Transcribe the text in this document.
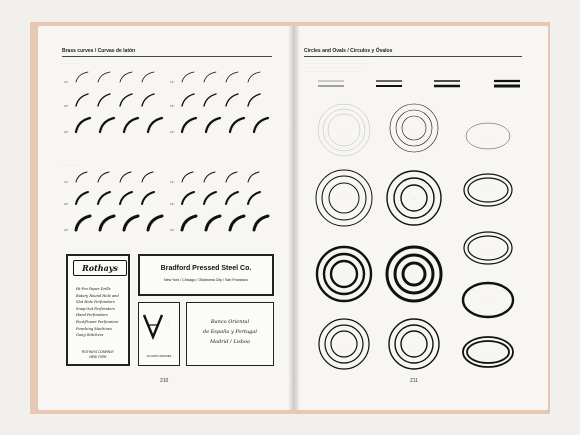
Brass curves / Curvas de latón
· · · · · · · · · · · ·
12°	12°
18°	18°
24°	24°
· · · · · · · · · · · ·
12°	12°
18°	18°
24°	24°
Rothays
Hi-Pro Paper Drills
Rotary Round Hole and
Slot Hole Perforators
Snap-Out Perforators
Hand Perforators
Foot/Power Perforators
Punching Machines
Gang Stitchers
ROTHAYS COMPANY
NEW YORK
Bradford Pressed Steel Co.
New York / Chicago / Oklahoma City / San Francisco
· · · · ·
· · · · ·
· · · · ·
· · · · ·
ATLANTIC AIRLINES
Banco Oriental
de España y Portugal
Madrid / Lisboa
210
Circles and Ovals / Círculos y Óvalos
· · · · · · · · · · · · · · · · · · · · · · · · · · · · · · · · · · · · · · · · · ·
· · · · · · · · · · · · · · · · · · · · · · · · · · · · · · · · · ·
· · · · · · · · · · · · · · · · · · · · · · · · · · · · · · · · · · · · · ·
· · ·
· · ·
· · ·	· · ·
· · ·	· · ·
· · ·	· · ·
· · ·
· · ·
· · ·
· · ·
· · ·
211
